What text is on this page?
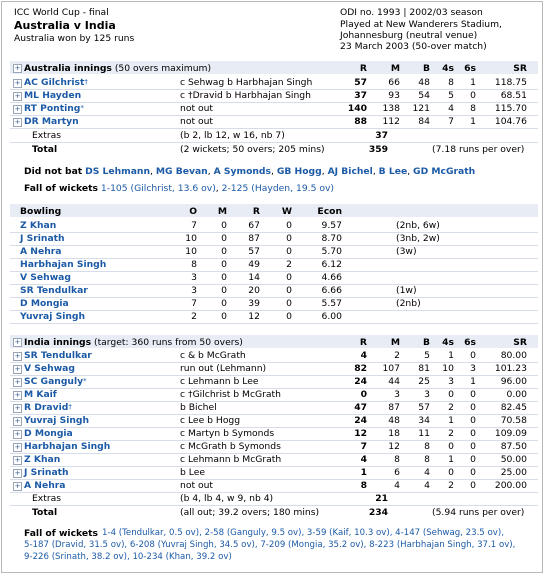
ICC World Cup - final
Australia v India
Australia won by 125 runs
ODI no. 1993 | 2002/03 season
Played at New Wanderers Stadium,
Johannesburg (neutral venue)
23 March 2003 (50-over match)
+ Australia innings (50 overs maximum)	R	M	B	4s	6s	SR
+ AC Gilchrist†	c Sehwag b Harbhajan Singh	57	66	48	8	1	118.75
+ ML Hayden	c †Dravid b Harbhajan Singh	37	93	54	5	0	68.51
+ RT Ponting*	not out	140	138	121	4	8	115.70
+ DR Martyn	not out	88	112	84	7	1	104.76
Extras	(b 2, lb 12, w 16, nb 7)	37
Total	(2 wickets; 50 overs; 205 mins)	359	(7.18 runs per over)
Did not bat DS Lehmann, MG Bevan, A Symonds, GB Hogg, AJ Bichel, B Lee, GD McGrath
Fall of wickets 1-105 (Gilchrist, 13.6 ov), 2-125 (Hayden, 19.5 ov)
Bowling	O	M	R	W	Econ
Z Khan	7	0	67	0	9.57	(2nb, 6w)
J Srinath	10	0	87	0	8.70	(3nb, 2w)
A Nehra	10	0	57	0	5.70	(3w)
Harbhajan Singh	8	0	49	2	6.12
V Sehwag	3	0	14	0	4.66
SR Tendulkar	3	0	20	0	6.66	(1w)
D Mongia	7	0	39	0	5.57	(2nb)
Yuvraj Singh	2	0	12	0	6.00
+ India innings (target: 360 runs from 50 overs)	R	M	B	4s	6s	SR
+ SR Tendulkar	c & b McGrath	4	2	5	1	0	80.00
+ V Sehwag	run out (Lehmann)	82	107	81	10	3	101.23
+ SC Ganguly*	c Lehmann b Lee	24	44	25	3	1	96.00
+ M Kaif	c †Gilchrist b McGrath	0	3	3	0	0	0.00
+ R Dravid†	b Bichel	47	87	57	2	0	82.45
+ Yuvraj Singh	c Lee b Hogg	24	48	34	1	0	70.58
+ D Mongia	c Martyn b Symonds	12	18	11	2	0	109.09
+ Harbhajan Singh	c McGrath b Symonds	7	12	8	0	0	87.50
+ Z Khan	c Lehmann b McGrath	4	8	8	1	0	50.00
+ J Srinath	b Lee	1	6	4	0	0	25.00
+ A Nehra	not out	8	4	4	2	0	200.00
Extras	(b 4, lb 4, w 9, nb 4)	21
Total	(all out; 39.2 overs; 180 mins)	234	(5.94 runs per over)
Fall of wickets 1-4 (Tendulkar, 0.5 ov), 2-58 (Ganguly, 9.5 ov), 3-59 (Kaif, 10.3 ov), 4-147 (Sehwag, 23.5 ov),
5-187 (Dravid, 31.5 ov), 6-208 (Yuvraj Singh, 34.5 ov), 7-209 (Mongia, 35.2 ov), 8-223 (Harbhajan Singh, 37.1 ov),
9-226 (Srinath, 38.2 ov), 10-234 (Khan, 39.2 ov)
